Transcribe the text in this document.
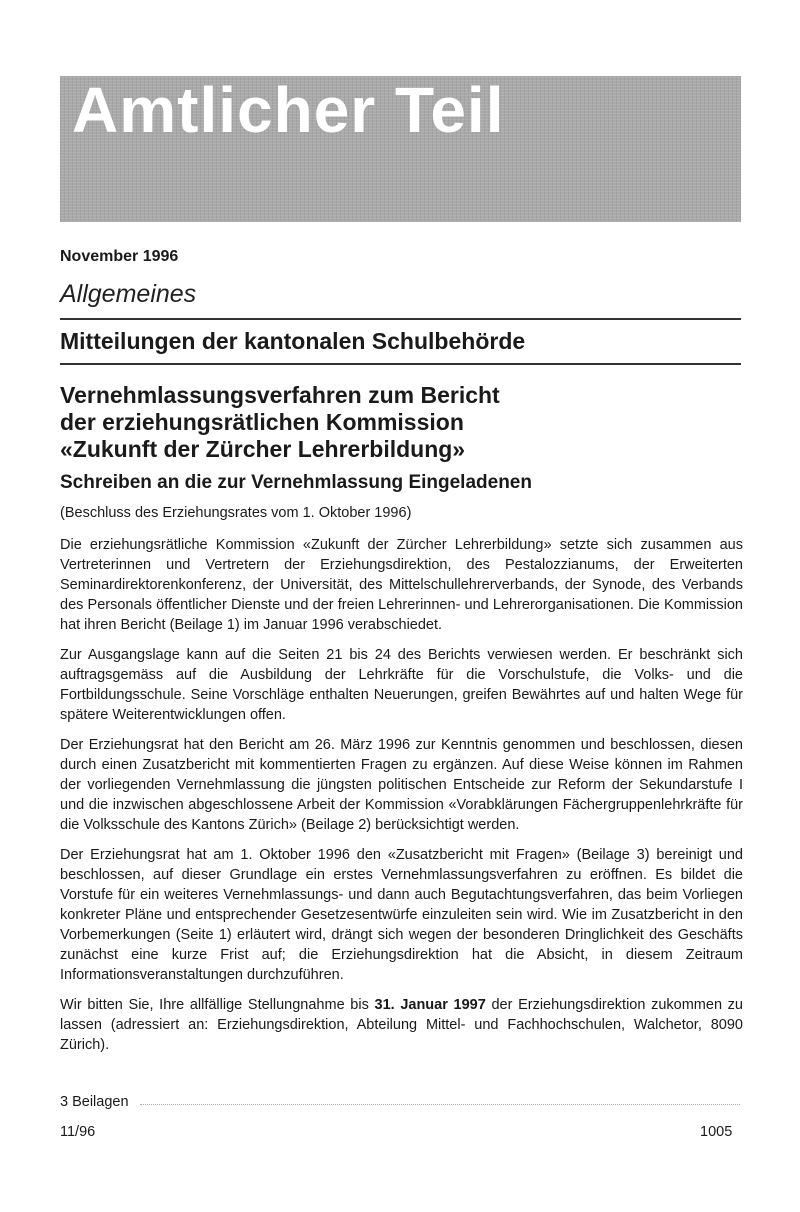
Amtlicher Teil

November 1996

Allgemeines

Mitteilungen der kantonalen Schulbehörde
Vernehmlassungsverfahren zum Bericht
der erziehungsrätlichen Kommission
«Zukunft der Zürcher Lehrerbildung»

Schreiben an die zur Vernehmlassung Eingeladenen

(Beschluss des Erziehungsrates vom 1. Oktober 1996)

Die erziehungsrätliche Kommission «Zukunft der Zürcher Lehrerbildung» setzte sich zusammen aus Vertreterinnen und Vertretern der Erziehungsdirektion, des Pestalozzianums, der Erweiterten Seminardirektorenkonferenz, der Universität, des Mittelschullehrerverbands, der Synode, des Verbands des Personals öffentlicher Dienste und der freien Lehrerinnen- und Lehrerorganisationen. Die Kommission hat ihren Bericht (Beilage 1) im Januar 1996 verabschiedet.

Zur Ausgangslage kann auf die Seiten 21 bis 24 des Berichts verwiesen werden. Er beschränkt sich auftragsgemäss auf die Ausbildung der Lehrkräfte für die Vorschulstufe, die Volks- und die Fortbildungsschule. Seine Vorschläge enthalten Neuerungen, greifen Bewährtes auf und halten Wege für spätere Weiterentwicklungen offen.

Der Erziehungsrat hat den Bericht am 26. März 1996 zur Kenntnis genommen und beschlossen, diesen durch einen Zusatzbericht mit kommentierten Fragen zu ergänzen. Auf diese Weise können im Rahmen der vorliegenden Vernehmlassung die jüngsten politischen Entscheide zur Reform der Sekundarstufe I und die inzwischen abgeschlossene Arbeit der Kommission «Vorabklärungen Fächergruppenlehrkräfte für die Volksschule des Kantons Zürich» (Beilage 2) berücksichtigt werden.

Der Erziehungsrat hat am 1. Oktober 1996 den «Zusatzbericht mit Fragen» (Beilage 3) bereinigt und beschlossen, auf dieser Grundlage ein erstes Vernehmlassungsverfahren zu eröffnen. Es bildet die Vorstufe für ein weiteres Vernehmlassungs- und dann auch Begutachtungsverfahren, das beim Vorliegen konkreter Pläne und entsprechender Gesetzesentwürfe einzuleiten sein wird. Wie im Zusatzbericht in den Vorbemerkungen (Seite 1) erläutert wird, drängt sich wegen der besonderen Dringlichkeit des Geschäfts zunächst eine kurze Frist auf; die Erziehungsdirektion hat die Absicht, in diesem Zeitraum Informationsveranstaltungen durchzuführen.

Wir bitten Sie, Ihre allfällige Stellungnahme bis 31. Januar 1997 der Erziehungsdirektion zukommen zu lassen (adressiert an: Erziehungsdirektion, Abteilung Mittel- und Fachhochschulen, Walchetor, 8090 Zürich).

3 Beilagen

11/96	1005
